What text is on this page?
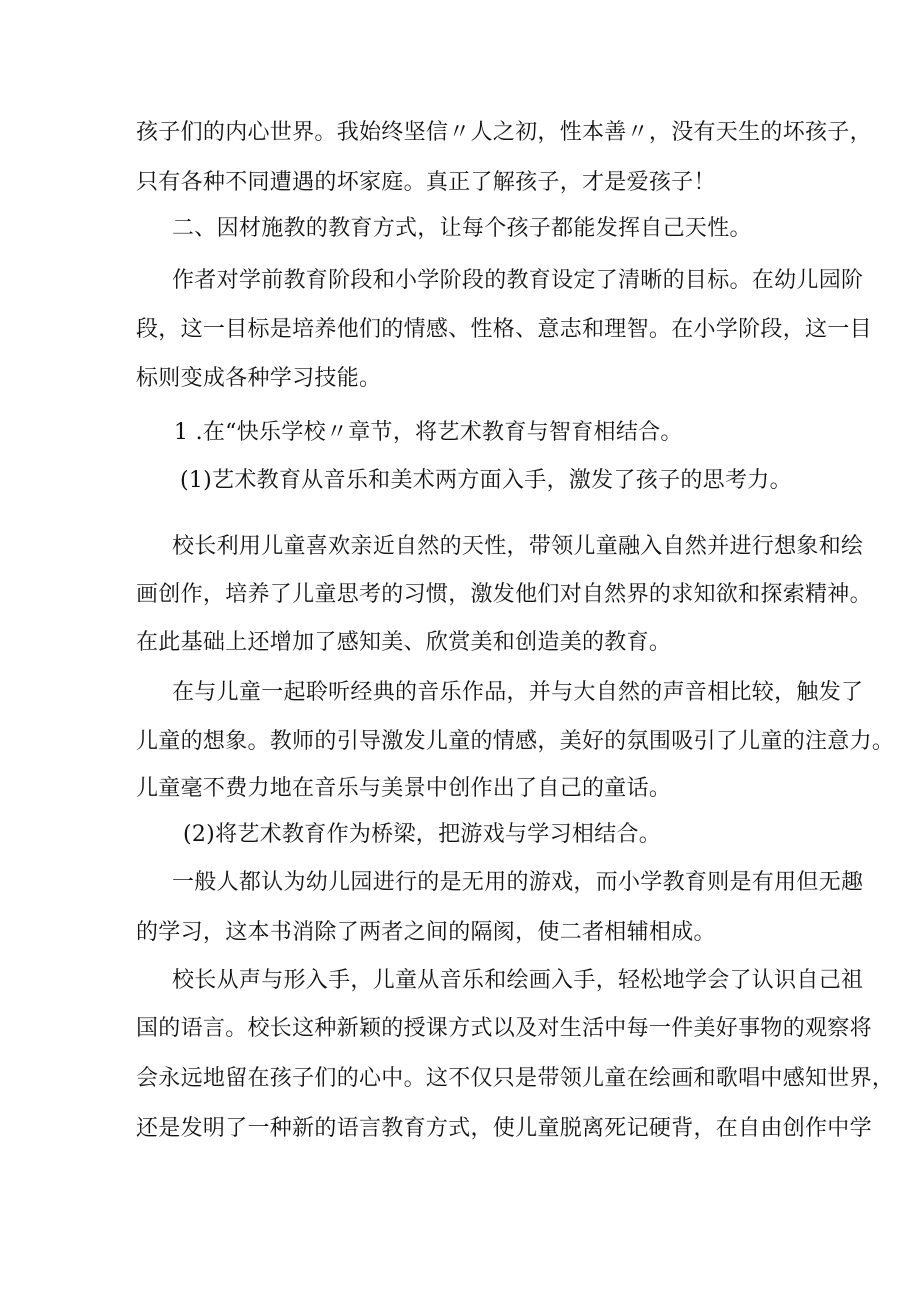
孩子们的内心世界。我始终坚信〃人之初，性本善〃，没有天生的坏孩子，
只有各种不同遭遇的坏家庭。真正了解孩子，才是爱孩子！
二、因材施教的教育方式，让每个孩子都能发挥自己天性。
作者对学前教育阶段和小学阶段的教育设定了清晰的目标。在幼儿园阶
段，这一目标是培养他们的情感、性格、意志和理智。在小学阶段，这一目
标则变成各种学习技能。
1 .在“快乐学校〃章节，将艺术教育与智育相结合。
(1)艺术教育从音乐和美术两方面入手，激发了孩子的思考力。
校长利用儿童喜欢亲近自然的天性，带领儿童融入自然并进行想象和绘
画创作，培养了儿童思考的习惯，激发他们对自然界的求知欲和探索精神。
在此基础上还增加了感知美、欣赏美和创造美的教育。
在与儿童一起聆听经典的音乐作品，并与大自然的声音相比较，触发了
儿童的想象。教师的引导激发儿童的情感，美好的氛围吸引了儿童的注意力。
儿童毫不费力地在音乐与美景中创作出了自己的童话。
(2)将艺术教育作为桥梁，把游戏与学习相结合。
一般人都认为幼儿园进行的是无用的游戏，而小学教育则是有用但无趣
的学习，这本书消除了两者之间的隔阂，使二者相辅相成。
校长从声与形入手，儿童从音乐和绘画入手，轻松地学会了认识自己祖
国的语言。校长这种新颖的授课方式以及对生活中每一件美好事物的观察将
会永远地留在孩子们的心中。这不仅只是带领儿童在绘画和歌唱中感知世界，
还是发明了一种新的语言教育方式，使儿童脱离死记硬背，在自由创作中学
